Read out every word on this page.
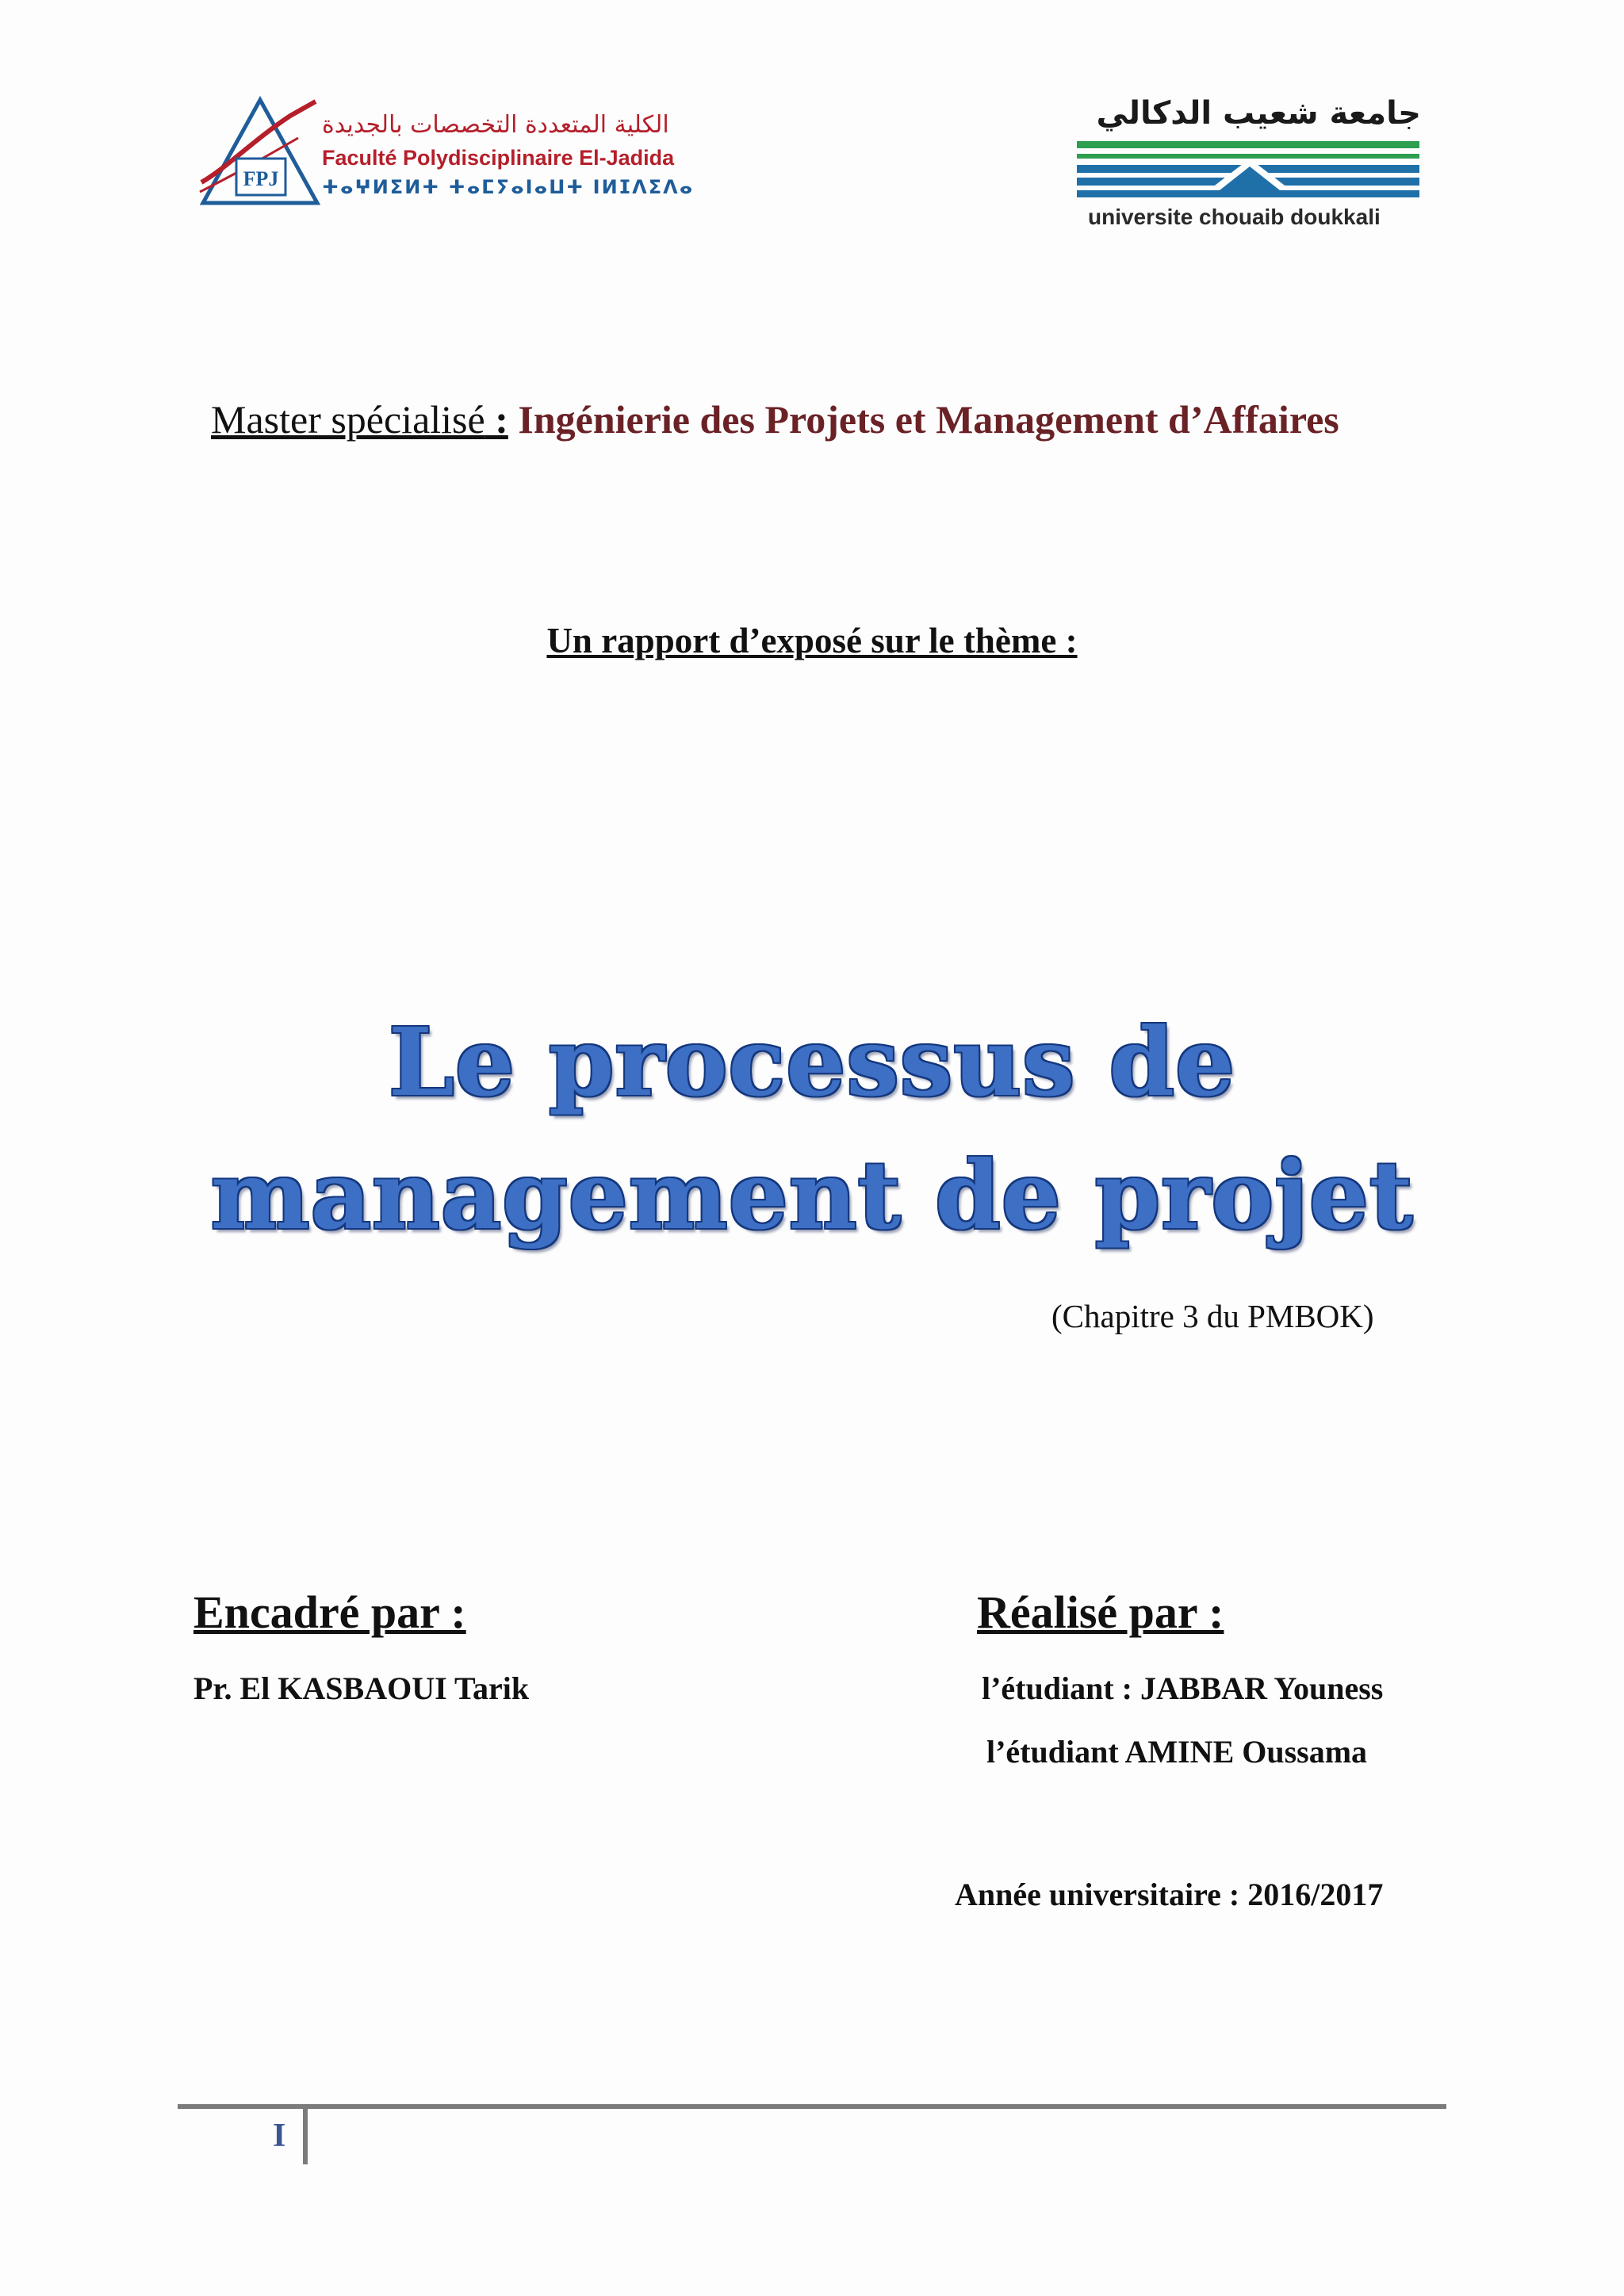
FPJ
الكلية المتعددة التخصصات بالجديدة
Faculté Polydisciplinaire El-Jadida
ⵜⴰⵖⵍⵉⵍⵜ ⵜⴰⵎⵢⴰⵏⴰⵡⵜ ⵏⵍⵊⴷⵉⴷⴰ
جامعة شعيب الدكالي
universite chouaib doukkali
Master spécialisé : Ingénierie des Projets et Management d’Affaires
Un rapport d’exposé sur le thème :
Le processus de
management de projet
(Chapitre 3 du PMBOK)
Encadré par :	Réalisé par :
Pr. El KASBAOUI Tarik	l’étudiant : JABBAR Youness
l’étudiant AMINE Oussama
Année universitaire : 2016/2017
I
